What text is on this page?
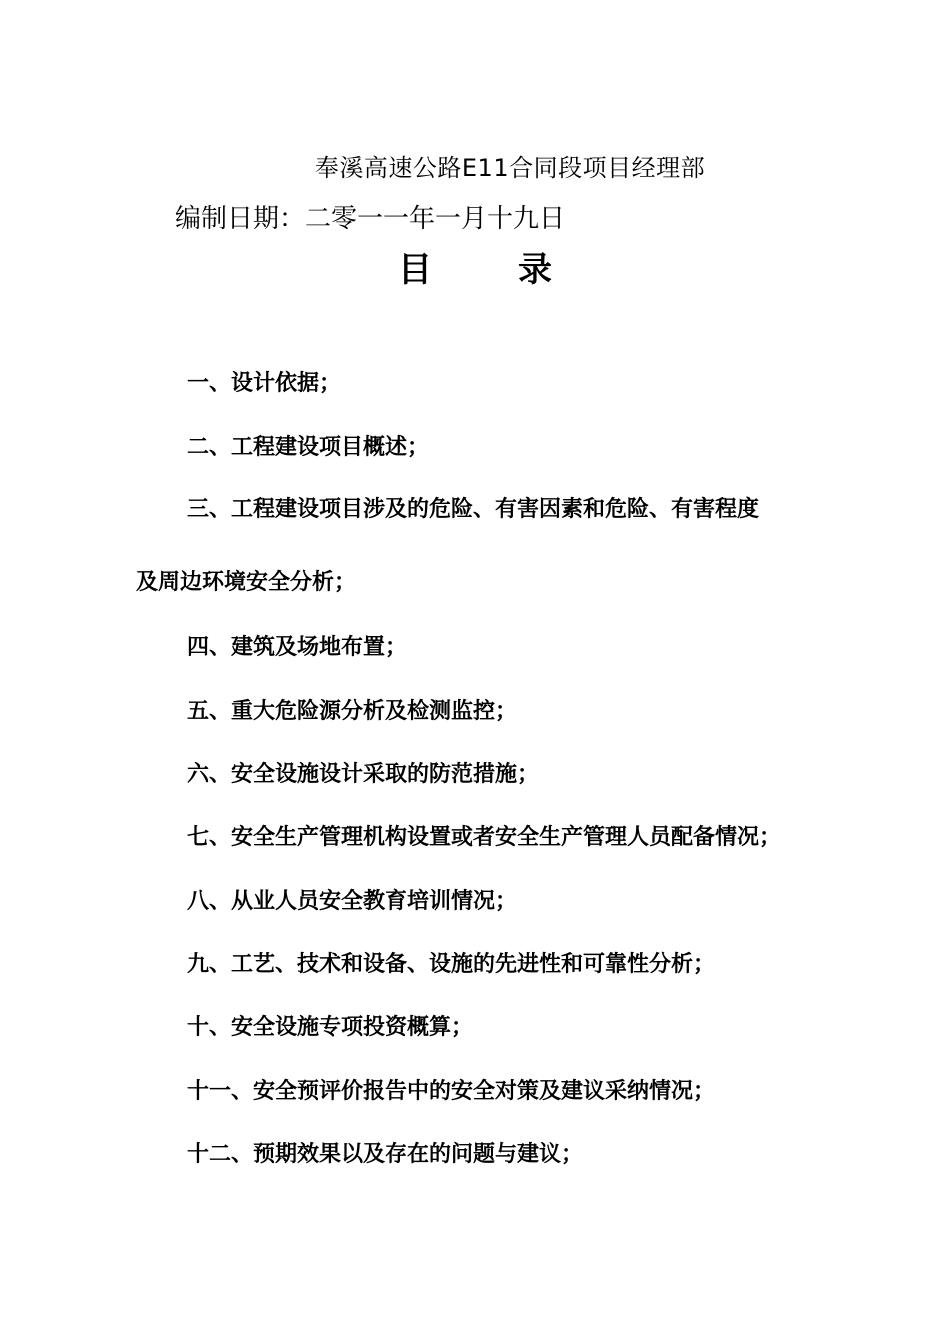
奉溪高速公路E11合同段项目经理部
编制日期：二零一一年一月十九日
目	录
一、设计依据；
二、工程建设项目概述；
三、工程建设项目涉及的危险、有害因素和危险、有害程度
及周边环境安全分析；
四、建筑及场地布置；
五、重大危险源分析及检测监控；
六、安全设施设计采取的防范措施；
七、安全生产管理机构设置或者安全生产管理人员配备情况；
八、从业人员安全教育培训情况；
九、工艺、技术和设备、设施的先进性和可靠性分析；
十、安全设施专项投资概算；
十一、安全预评价报告中的安全对策及建议采纳情况；
十二、预期效果以及存在的问题与建议；
